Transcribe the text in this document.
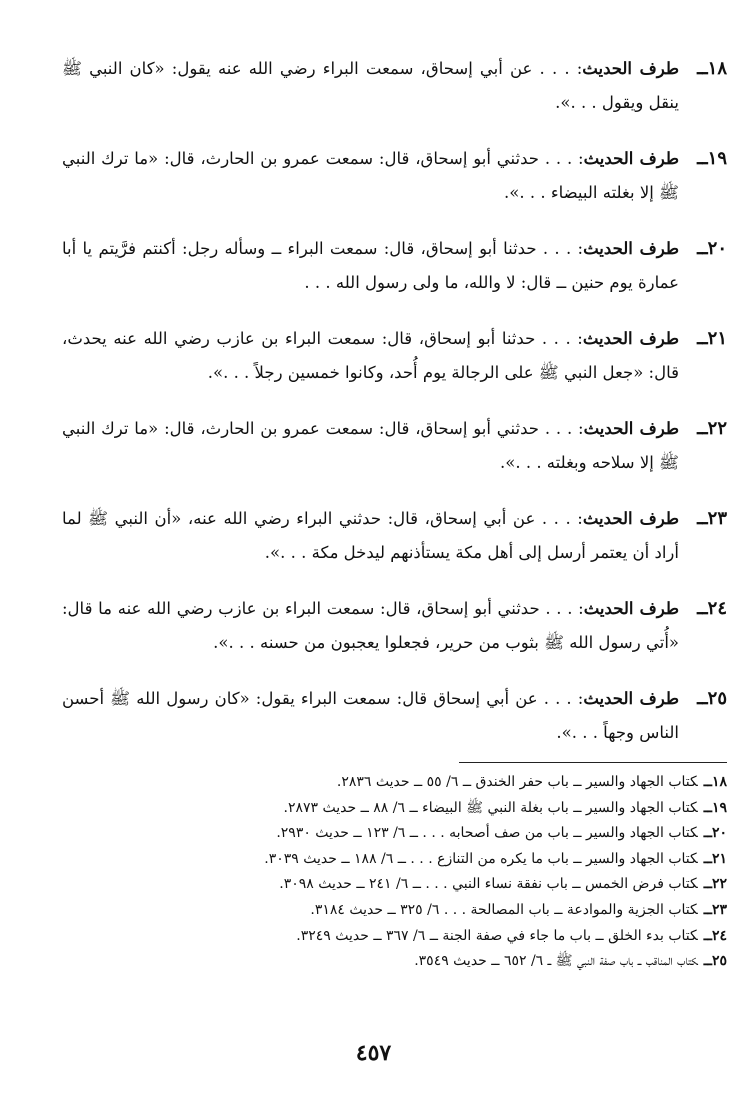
١٨ــ
طرف الحديث: . . . عن أبي إسحاق، سمعت البراء رضي الله عنه يقول: «كان النبي ﷺ ينقل ويقول . . .».
١٩ــ
طرف الحديث: . . . حدثني أبو إسحاق، قال: سمعت عمرو بن الحارث، قال: «ما ترك النبي ﷺ إلا بغلته البيضاء . . .».
٢٠ــ
طرف الحديث: . . . حدثنا أبو إسحاق، قال: سمعت البراء ــ وسأله رجل: أكنتم فرَّيتم يا أبا عمارة يوم حنين ــ قال: لا والله، ما ولى رسول الله . . .
٢١ــ
طرف الحديث: . . . حدثنا أبو إسحاق، قال: سمعت البراء بن عازب رضي الله عنه يحدث، قال: «جعل النبي ﷺ على الرجالة يوم أُحد، وكانوا خمسين رجلاً . . .».
٢٢ــ
طرف الحديث: . . . حدثني أبو إسحاق، قال: سمعت عمرو بن الحارث، قال: «ما ترك النبي ﷺ إلا سلاحه وبغلته . . .».
٢٣ــ
طرف الحديث: . . . عن أبي إسحاق، قال: حدثني البراء رضي الله عنه، «أن النبي ﷺ لما أراد أن يعتمر أرسل إلى أهل مكة يستأذنهم ليدخل مكة . . .».
٢٤ــ
طرف الحديث: . . . حدثني أبو إسحاق، قال: سمعت البراء بن عازب رضي الله عنه ما قال: «أُتي رسول الله ﷺ بثوب من حرير، فجعلوا يعجبون من حسنه . . .».
٢٥ــ
طرف الحديث: . . . عن أبي إسحاق قال: سمعت البراء يقول: «كان رسول الله ﷺ أحسن الناس وجهاً . . .».
١٨ــكتاب الجهاد والسير ــ باب حفر الخندق ــ ٦/ ٥٥ ــ حديث ٢٨٣٦.
١٩ــكتاب الجهاد والسير ــ باب بغلة النبي ﷺ البيضاء ــ ٦/ ٨٨ ــ حديث ٢٨٧٣.
٢٠ــكتاب الجهاد والسير ــ باب من صف أصحابه . . . ــ ٦/ ١٢٣ ــ حديث ٢٩٣٠.
٢١ــكتاب الجهاد والسير ــ باب ما يكره من التنازع . . . ــ ٦/ ١٨٨ ــ حديث ٣٠٣٩.
٢٢ــكتاب فرض الخمس ــ باب نفقة نساء النبي . . . ــ ٦/ ٢٤١ ــ حديث ٣٠٩٨.
٢٣ــكتاب الجزية والموادعة ــ باب المصالحة . . . ٦/ ٣٢٥ ــ حديث ٣١٨٤.
٢٤ــكتاب بدء الخلق ــ باب ما جاء في صفة الجنة ــ ٦/ ٣٦٧ ــ حديث ٣٢٤٩.
٢٥ــكتاب المناقب ــ باب صفة النبي ﷺ ــ ٦/ ٦٥٢ ــ حديث ٣٥٤٩.
٤٥٧
